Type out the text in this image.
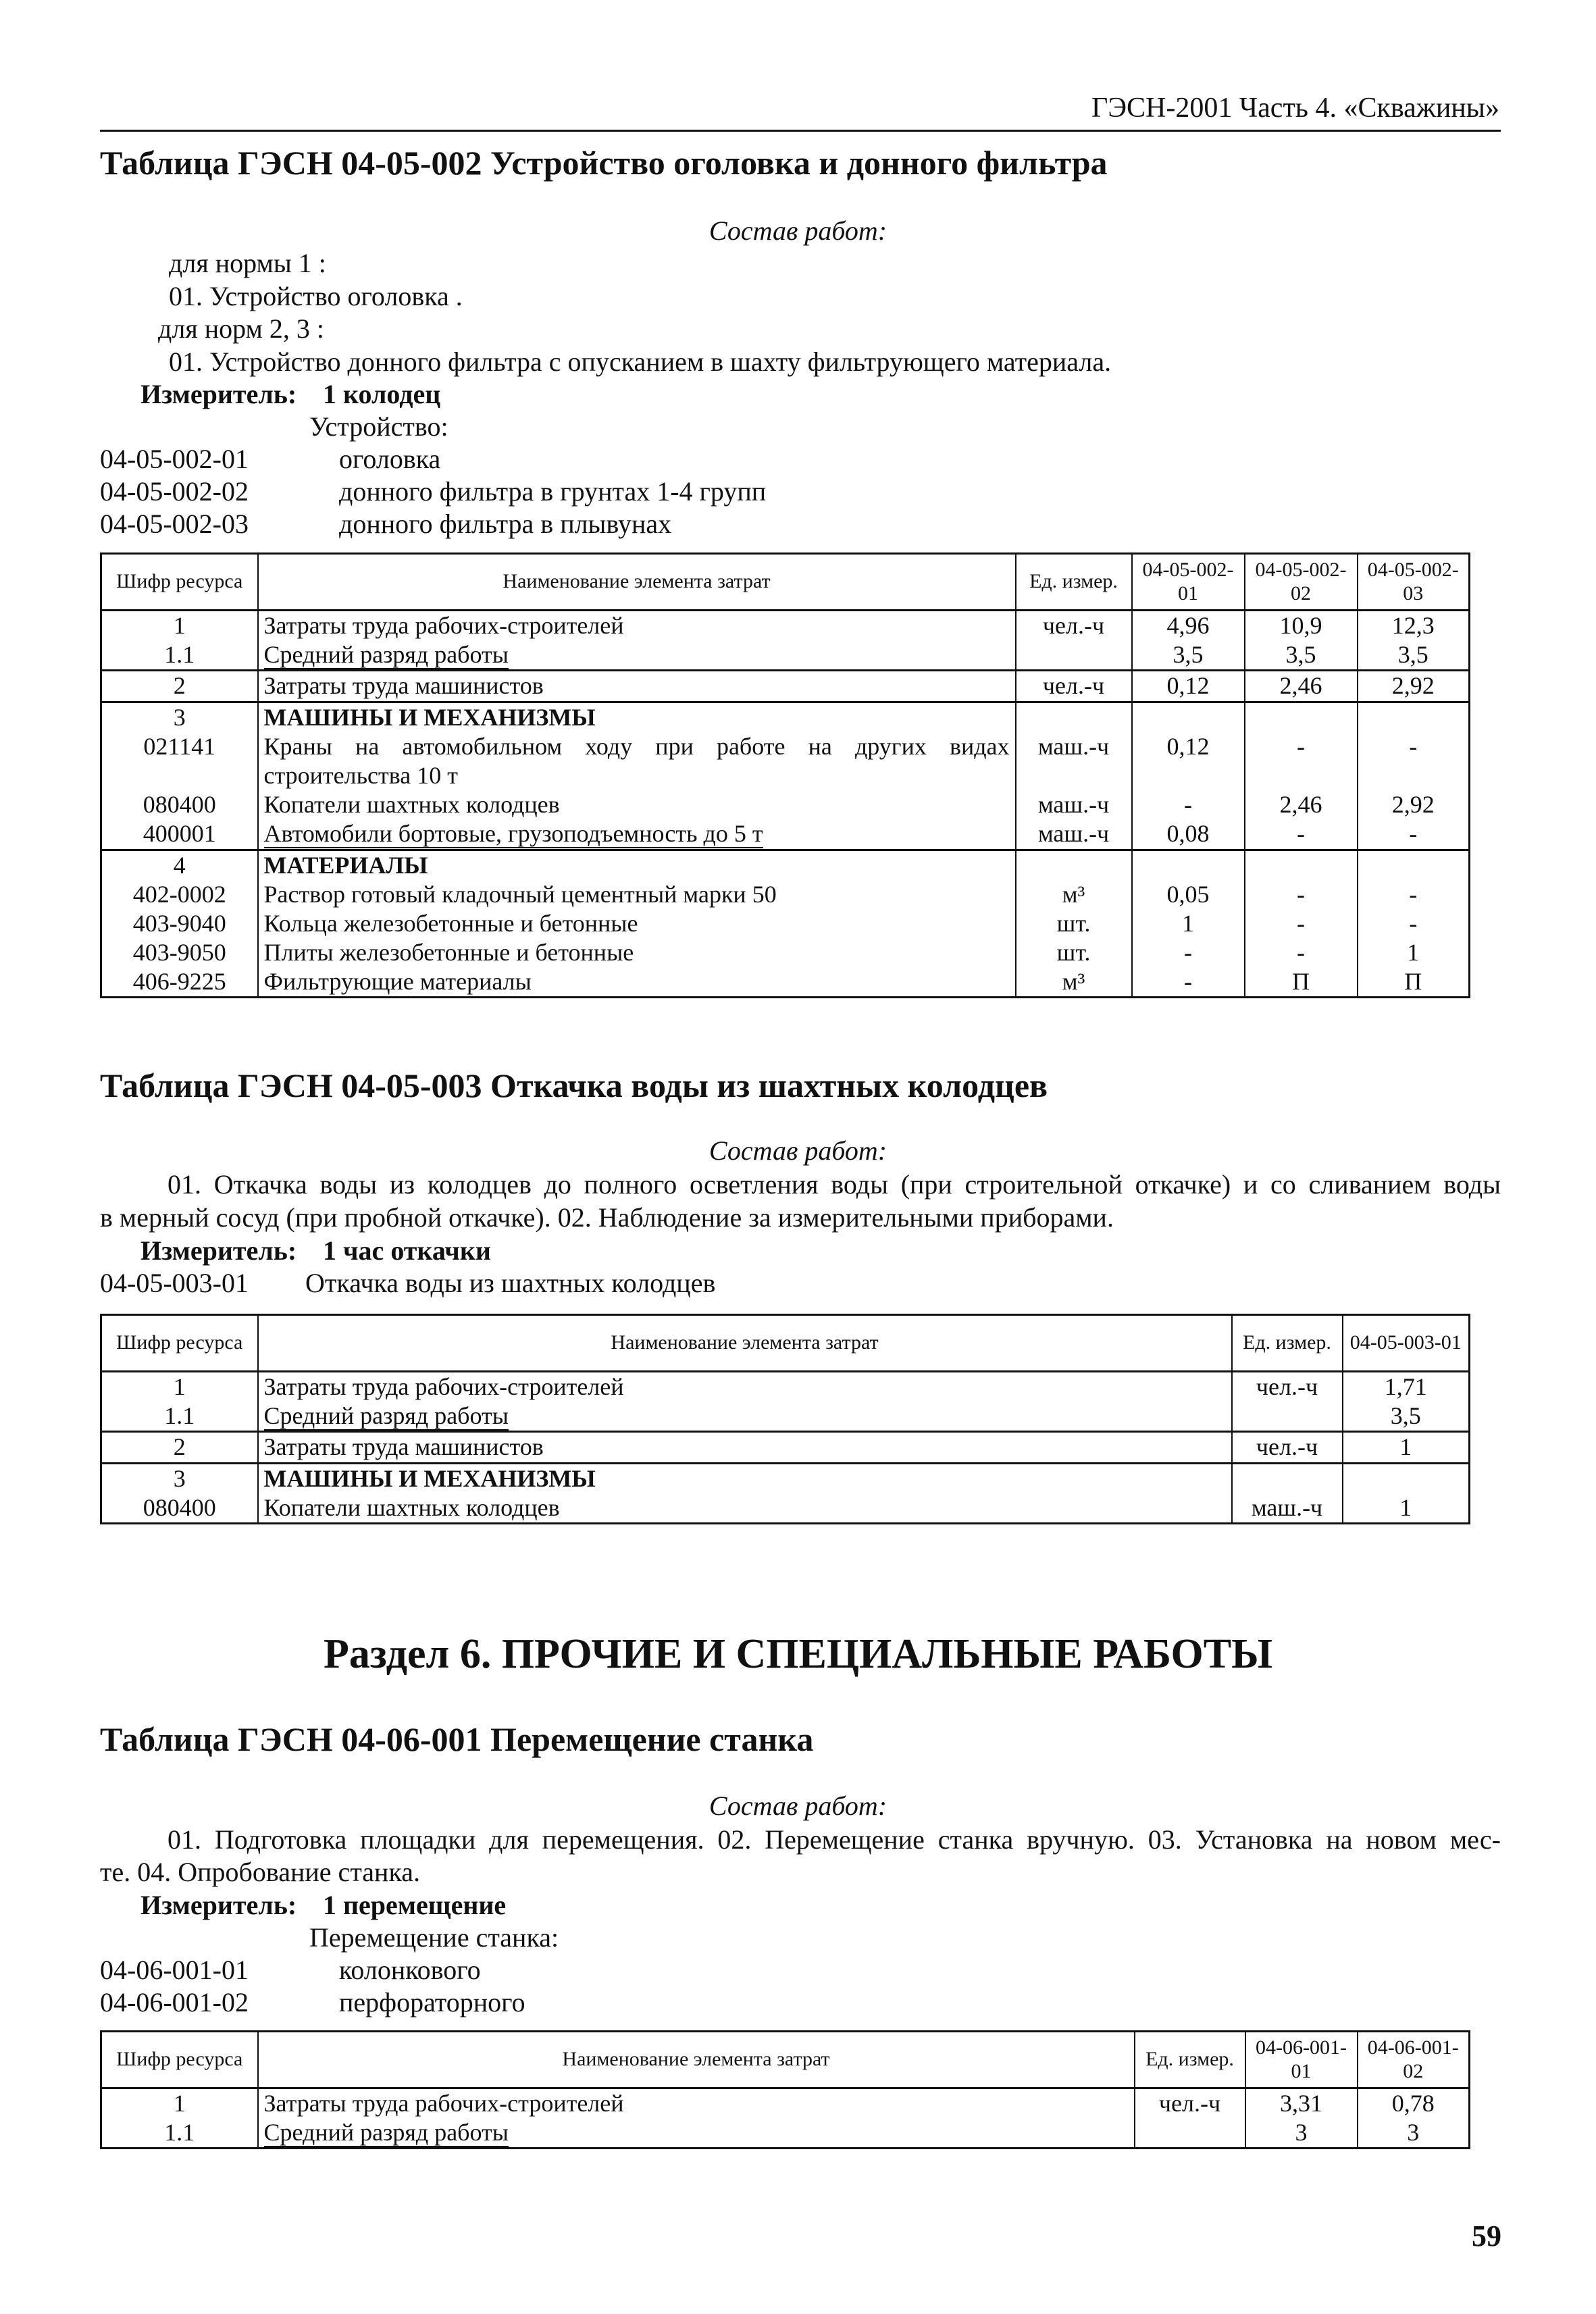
ГЭСН-2001 Часть 4. «Скважины»
Таблица ГЭСН 04-05-002 Устройство оголовка и донного фильтра
Состав работ:
для нормы 1 :
01. Устройство оголовка .
для норм 2, 3 :
01. Устройство донного фильтра с опусканием в шахту фильтрующего материала.
Измеритель: 1 колодец
Устройство:
04-05-002-01	оголовка
04-05-002-02	донного фильтра в грунтах 1-4 групп
04-05-002-03	донного фильтра в плывунах
Шифр ресурса	Наименование элемента затрат	Ед. измер.	04-05-002-01	04-05-002-02	04-05-002-03
1	Затраты труда рабочих-строителей	чел.-ч	4,96	10,9	12,3
1.1	Средний разряд работы		3,5	3,5	3,5
2	Затраты труда машинистов	чел.-ч	0,12	2,46	2,92
3	МАШИНЫ И МЕХАНИЗМЫ				
021141	Краны на автомобильном ходу при работе на других видах строительства 10 т	маш.-ч	0,12	-	-
080400	Копатели шахтных колодцев	маш.-ч	-	2,46	2,92
400001	Автомобили бортовые, грузоподъемность до 5 т	маш.-ч	0,08	-	-
4	МАТЕРИАЛЫ				
402-0002	Раствор готовый кладочный цементный марки 50	м³	0,05	-	-
403-9040	Кольца железобетонные и бетонные	шт.	1	-	-
403-9050	Плиты железобетонные и бетонные	шт.	-	-	1
406-9225	Фильтрующие материалы	м³	-	П	П
Таблица ГЭСН 04-05-003 Откачка воды из шахтных колодцев
Состав работ:
01. Откачка воды из колодцев до полного осветления воды (при строительной откачке) и со сливанием воды
в мерный сосуд (при пробной откачке). 02. Наблюдение за измерительными приборами.
Измеритель: 1 час откачки
04-05-003-01 Откачка воды из шахтных колодцев
Шифр ресурса	Наименование элемента затрат	Ед. измер.	04-05-003-01
1	Затраты труда рабочих-строителей	чел.-ч	1,71
1.1	Средний разряд работы		3,5
2	Затраты труда машинистов	чел.-ч	1
3	МАШИНЫ И МЕХАНИЗМЫ		
080400	Копатели шахтных колодцев	маш.-ч	1
Раздел 6. ПРОЧИЕ И СПЕЦИАЛЬНЫЕ РАБОТЫ
Таблица ГЭСН 04-06-001 Перемещение станка
Состав работ:
01. Подготовка площадки для перемещения. 02. Перемещение станка вручную. 03. Установка на новом мес-
те. 04. Опробование станка.
Измеритель: 1 перемещение
Перемещение станка:
04-06-001-01	колонкового
04-06-001-02	перфораторного
Шифр ресурса	Наименование элемента затрат	Ед. измер.	04-06-001-01	04-06-001-02
1	Затраты труда рабочих-строителей	чел.-ч	3,31	0,78
1.1	Средний разряд работы		3	3
59
